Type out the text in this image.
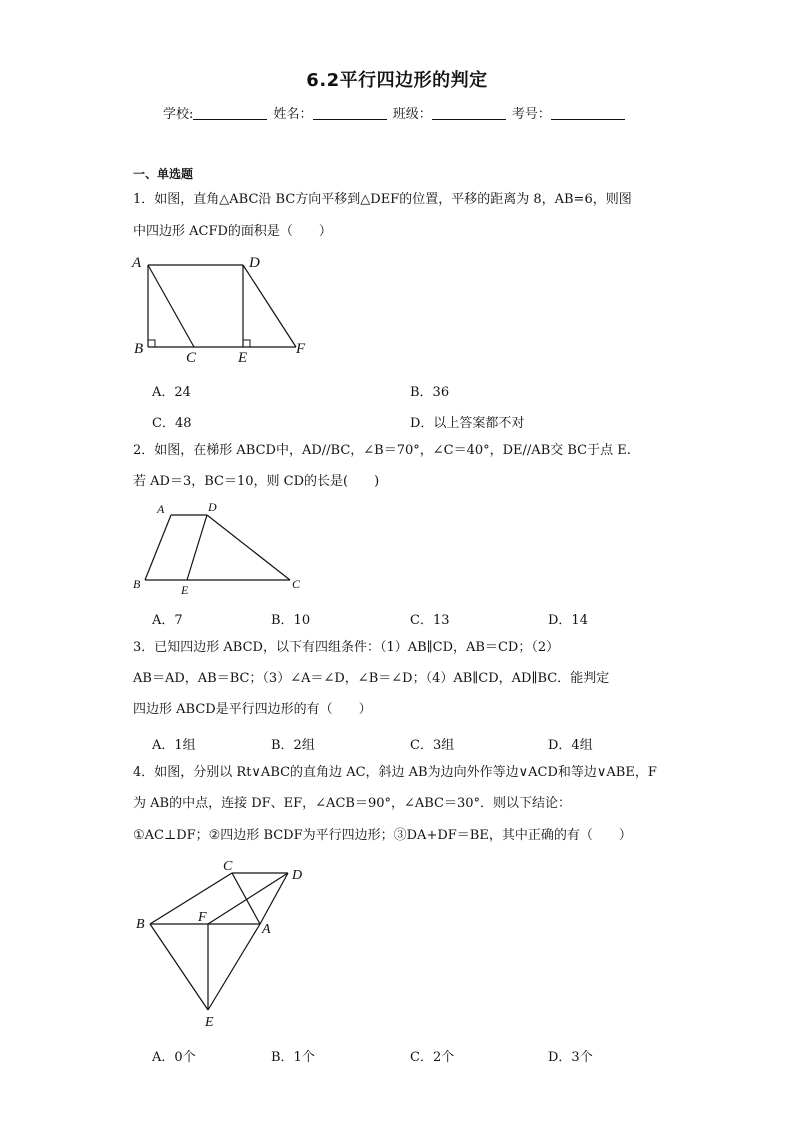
6.2平行四边形的判定
学校:	姓名：	班级：	考号：
一、单选题
1．如图，直角△ABC沿 BC方向平移到△DEF的位置，平移的距离为 8，AB=6，则图
中四边形 ACFD的面积是（　　）
A	D
B
C	E
F
A．24	B．36
C．48	D．以上答案都不对
2．如图，在梯形 ABCD中，AD//BC，∠B＝70°，∠C＝40°，DE//AB交 BC于点 E.
若 AD＝3，BC＝10，则 CD的长是(　　)
A	D
B	E	C
A．7	B．10	C．13	D．14
3．已知四边形 ABCD，以下有四组条件：（1）AB∥CD，AB＝CD；（2）
AB＝AD，AB＝BC；（3）∠A＝∠D，∠B＝∠D；（4）AB∥CD，AD∥BC．能判定
四边形 ABCD是平行四边形的有（　　）
A．1组	B．2组	C．3组	D．4组
4．如图，分别以 Rt∨ABC的直角边 AC，斜边 AB为边向外作等边∨ACD和等边∨ABE，F
为 AB的中点，连接 DF、EF，∠ACB＝90°，∠ABC＝30°．则以下结论：
①AC⊥DF；②四边形 BCDF为平行四边形；③DA+DF＝BE，其中正确的有（　　）
C
D
B	F
A
E
A．0个	B．1个	C．2个	D．3个
